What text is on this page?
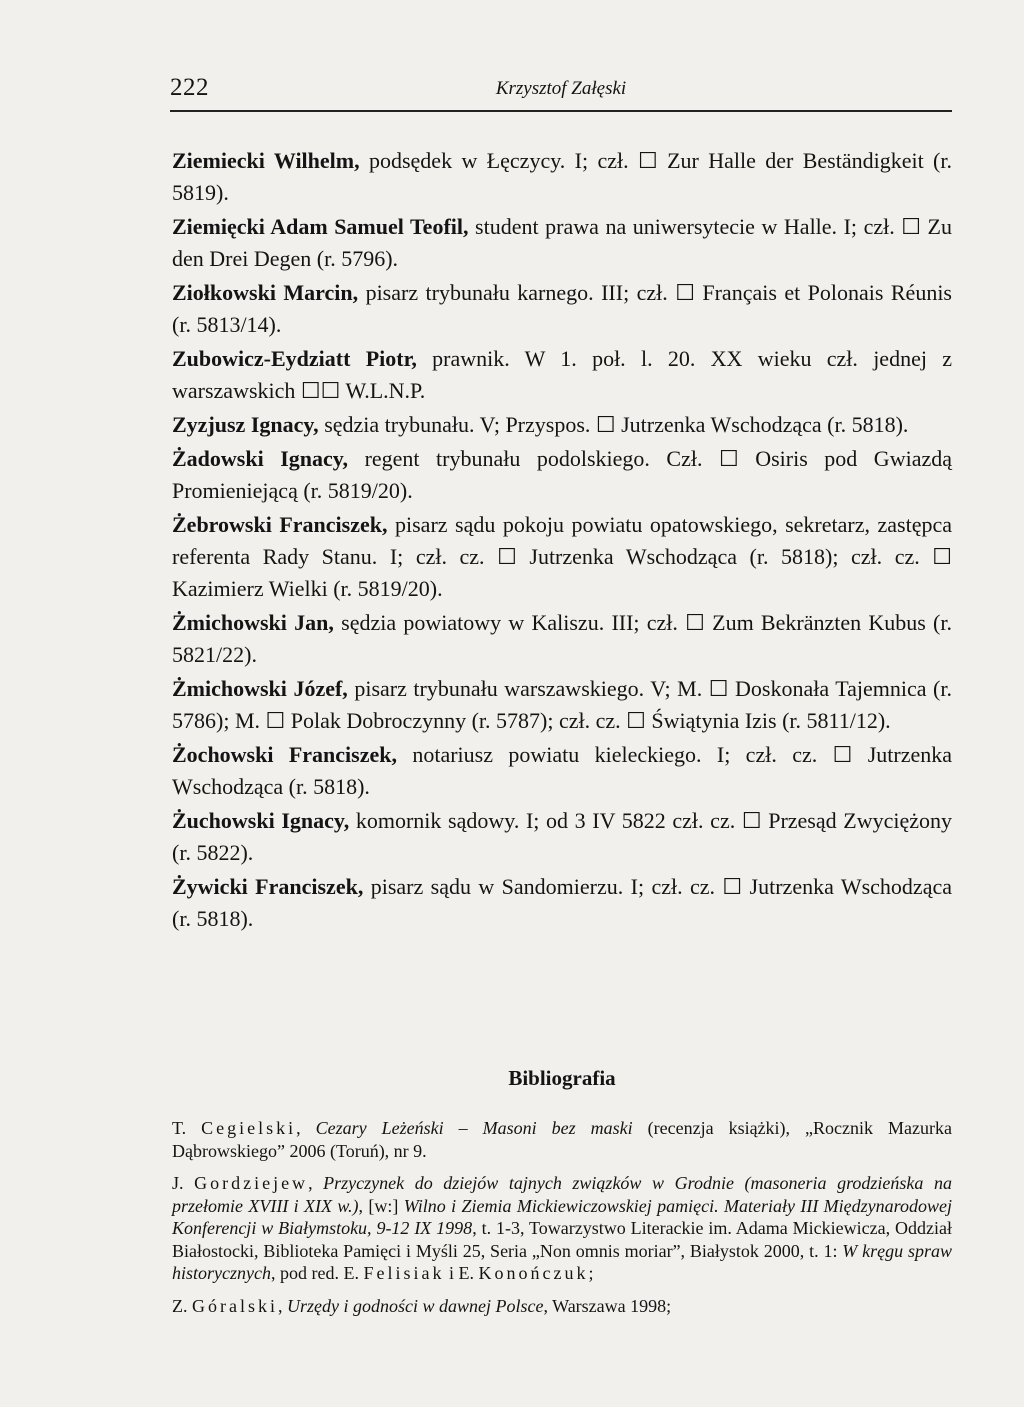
222	Krzysztof Załęski

Ziemiecki Wilhelm, podsędek w Łęczycy. I; czł. ☐ Zur Halle der Beständigkeit (r. 5819).

Ziemięcki Adam Samuel Teofil, student prawa na uniwersytecie w Halle. I; czł. ☐ Zu den Drei Degen (r. 5796).

Ziołkowski Marcin, pisarz trybunału karnego. III; czł. ☐ Français et Polonais Réunis (r. 5813/14).

Zubowicz-Eydziatt Piotr, prawnik. W 1. poł. l. 20. XX wieku czł. jednej z warszawskich ☐☐ W.L.N.P.

Zyzjusz Ignacy, sędzia trybunału. V; Przyspos. ☐ Jutrzenka Wschodząca (r. 5818).

Żadowski Ignacy, regent trybunału podolskiego. Czł. ☐ Osiris pod Gwiazdą Promieniejącą (r. 5819/20).

Żebrowski Franciszek, pisarz sądu pokoju powiatu opatowskiego, sekretarz, zastępca referenta Rady Stanu. I; czł. cz. ☐ Jutrzenka Wschodząca (r. 5818); czł. cz. ☐ Kazimierz Wielki (r. 5819/20).

Żmichowski Jan, sędzia powiatowy w Kaliszu. III; czł. ☐ Zum Bekränzten Kubus (r. 5821/22).

Żmichowski Józef, pisarz trybunału warszawskiego. V; M. ☐ Doskonała Tajemnica (r. 5786); M. ☐ Polak Dobroczynny (r. 5787); czł. cz. ☐ Świątynia Izis (r. 5811/12).

Żochowski Franciszek, notariusz powiatu kieleckiego. I; czł. cz. ☐ Jutrzenka Wschodząca (r. 5818).

Żuchowski Ignacy, komornik sądowy. I; od 3 IV 5822 czł. cz. ☐ Przesąd Zwyciężony (r. 5822).

Żywicki Franciszek, pisarz sądu w Sandomierzu. I; czł. cz. ☐ Jutrzenka Wschodząca (r. 5818).

Bibliografia

T. Cegielski, Cezary Leżeński – Masoni bez maski (recenzja książki), „Rocznik Mazurka Dąbrowskiego” 2006 (Toruń), nr 9.

J. Gordziejew, Przyczynek do dziejów tajnych związków w Grodnie (masoneria grodzieńska na przełomie XVIII i XIX w.), [w:] Wilno i Ziemia Mickiewiczowskiej pamięci. Materiały III Międzynarodowej Konferencji w Białymstoku, 9-12 IX 1998, t. 1-3, Towarzystwo Literackie im. Adama Mickiewicza, Oddział Białostocki, Biblioteka Pamięci i Myśli 25, Seria „Non omnis moriar”, Białystok 2000, t. 1: W kręgu spraw historycznych, pod red. E. Felisiak i E. Konończuk;

Z. Góralski, Urzędy i godności w dawnej Polsce, Warszawa 1998;
